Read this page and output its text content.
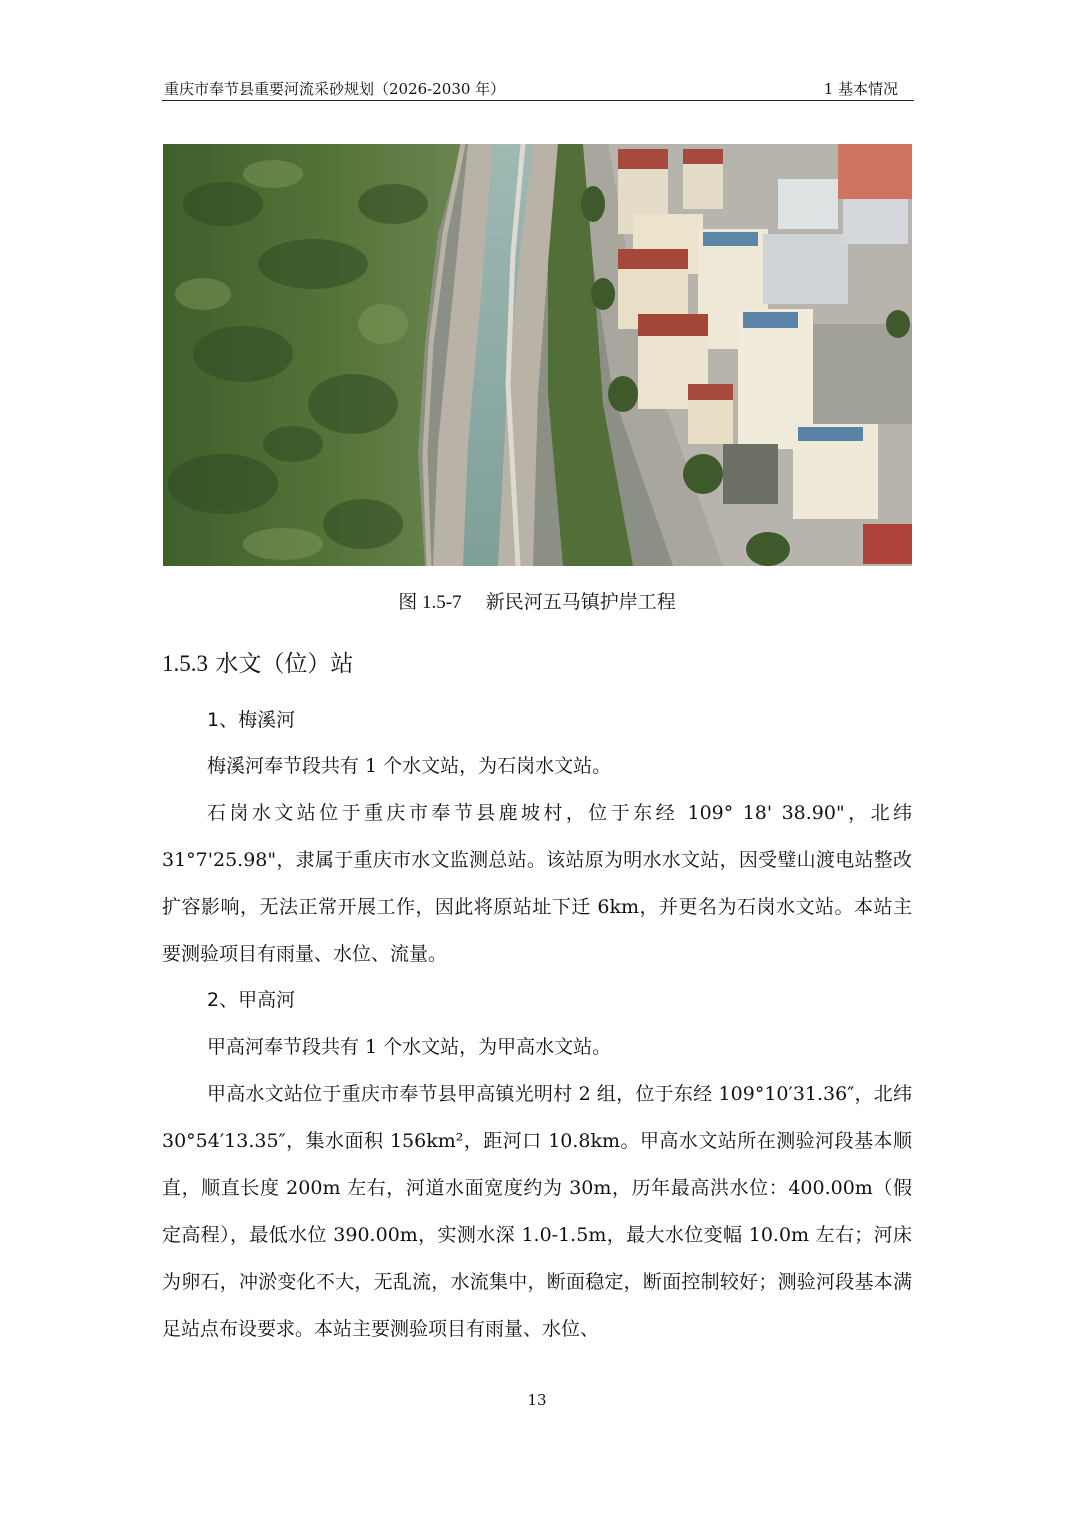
重庆市奉节县重要河流采砂规划（2026-2030 年）	1 基本情况
图 1.5-7 新民河五马镇护岸工程
1.5.3 水文（位）站
1、梅溪河
梅溪河奉节段共有 1 个水文站，为石岗水文站。
石岗水文站位于重庆市奉节县鹿坡村，位于东经 109° 18' 38.90"，北纬 31°7'25.98"，隶属于重庆市水文监测总站。该站原为明水水文站，因受璧山渡电站整改扩容影响，无法正常开展工作，因此将原站址下迁 6km，并更名为石岗水文站。本站主要测验项目有雨量、水位、流量。
2、甲高河
甲高河奉节段共有 1 个水文站，为甲高水文站。
甲高水文站位于重庆市奉节县甲高镇光明村 2 组，位于东经 109°10′31.36″，北纬 30°54′13.35″，集水面积 156km²，距河口 10.8km。甲高水文站所在测验河段基本顺直，顺直长度 200m 左右，河道水面宽度约为 30m，历年最高洪水位：400.00m（假定高程），最低水位 390.00m，实测水深 1.0-1.5m，最大水位变幅 10.0m 左右；河床为卵石，冲淤变化不大，无乱流，水流集中，断面稳定，断面控制较好；测验河段基本满足站点布设要求。本站主要测验项目有雨量、水位、
13
